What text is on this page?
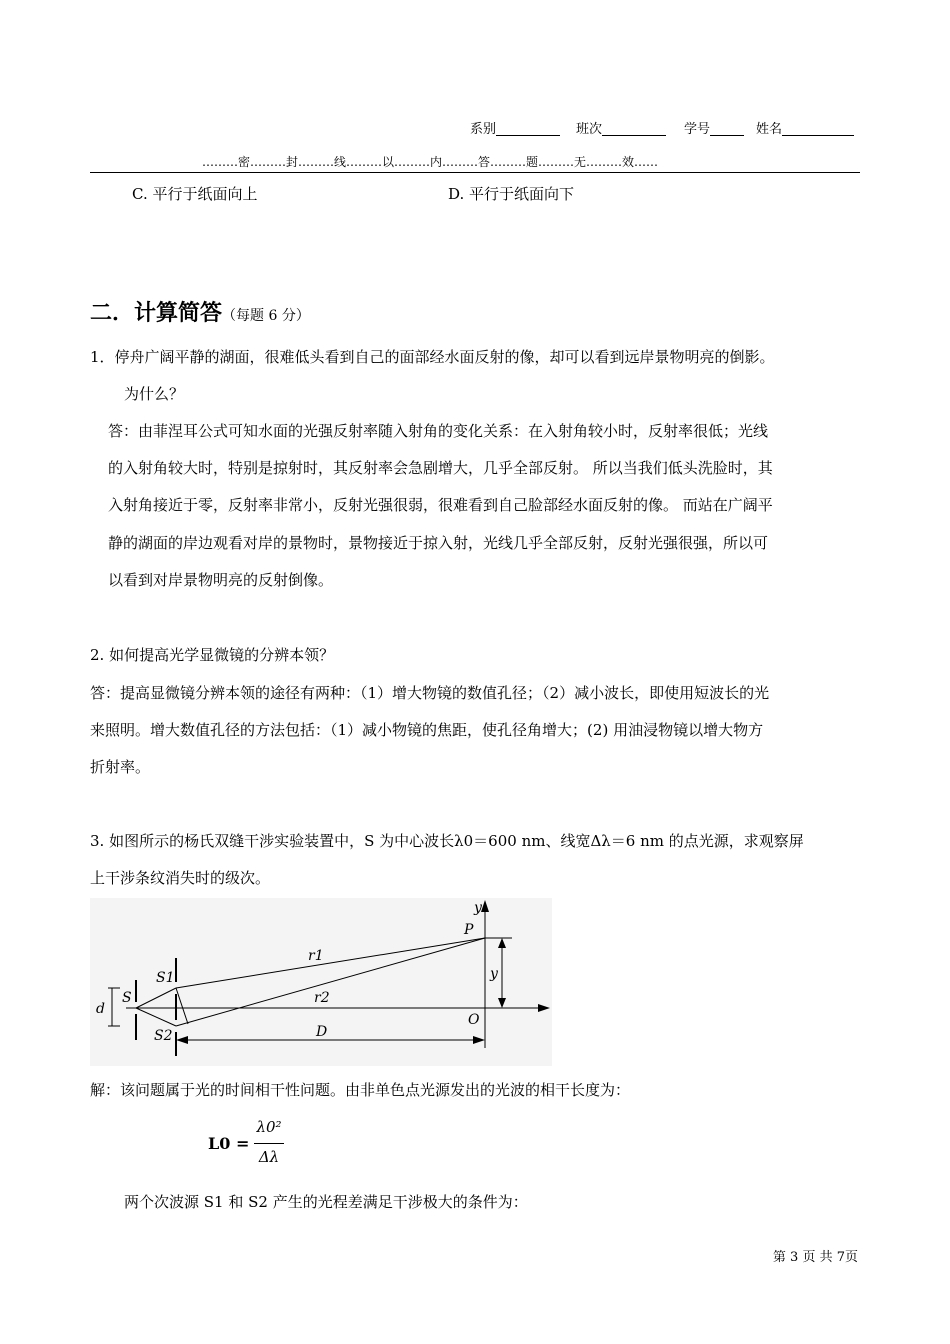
系别	班次	学号	姓名
………密………封………线………以………内………答………题………无………效……
C. 平行于纸面向上	D. 平行于纸面向下
二．计算简答（每题 6 分）
1．停舟广阔平静的湖面，很难低头看到自己的面部经水面反射的像，却可以看到远岸景物明亮的倒影。
为什么？
答：由菲涅耳公式可知水面的光强反射率随入射角的变化关系：在入射角较小时，反射率很低；光线
的入射角较大时，特别是掠射时，其反射率会急剧增大，几乎全部反射。 所以当我们低头洗脸时，其
入射角接近于零，反射率非常小，反射光强很弱，很难看到自己脸部经水面反射的像。 而站在广阔平
静的湖面的岸边观看对岸的景物时，景物接近于掠入射，光线几乎全部反射，反射光强很强，所以可
以看到对岸景物明亮的反射倒像。
2. 如何提高光学显微镜的分辨本领？
答：提高显微镜分辨本领的途径有两种：（1）增大物镜的数值孔径；（2）减小波长，即使用短波长的光
来照明。增大数值孔径的方法包括：（1）减小物镜的焦距，使孔径角增大；(2) 用油浸物镜以增大物方
折射率。
3. 如图所示的杨氏双缝干涉实验装置中，S 为中心波长λ0＝600 nm、线宽Δλ＝6 nm 的点光源，求观察屏
上干涉条纹消失时的级次。
y
P
r1
r2
S
S1
S2
d
y
O
D
解：该问题属于光的时间相干性问题。由非单色点光源发出的光波的相干长度为：
L0 =
λ0²
Δλ
两个次波源 S1 和 S2 产生的光程差满足干涉极大的条件为：
第 3 页 共 7页
